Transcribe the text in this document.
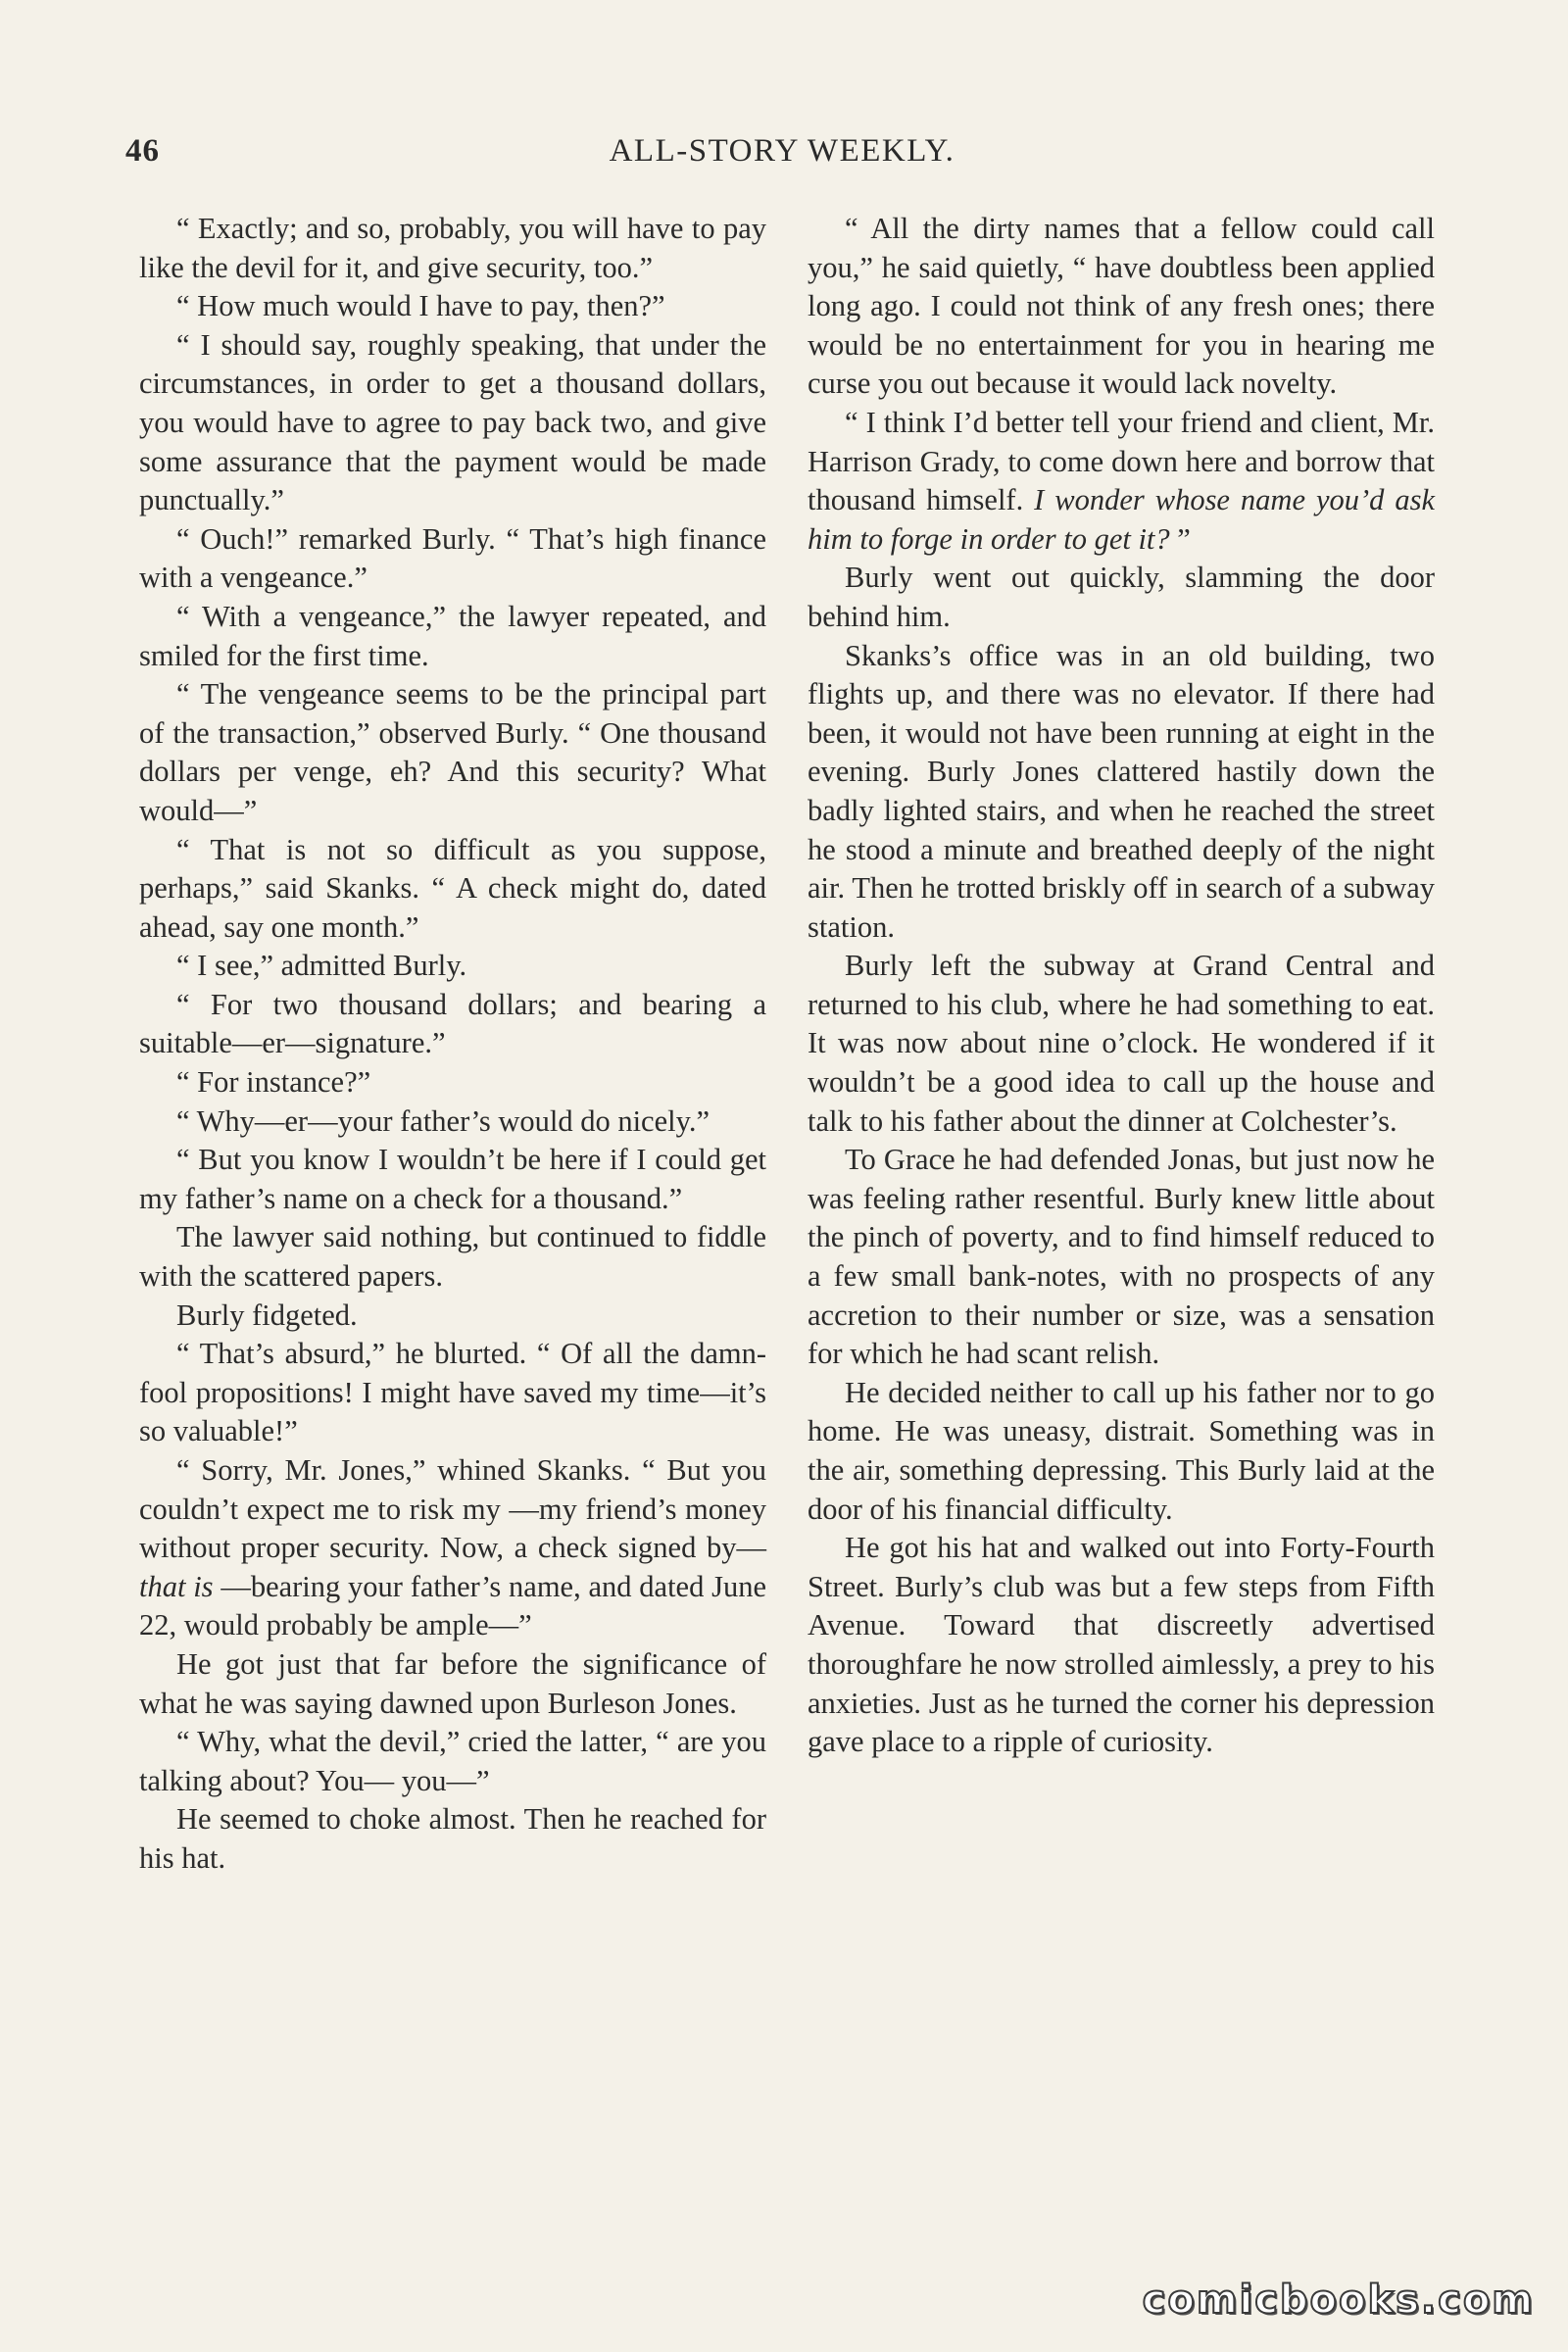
46	ALL-STORY WEEKLY.

“ Exactly; and so, probably, you will have to pay like the devil for it, and give security, too.”

“ How much would I have to pay, then?”

“ I should say, roughly speaking, that under the circumstances, in order to get a thousand dollars, you would have to agree to pay back two, and give some assurance that the payment would be made punctually.”

“ Ouch!” remarked Burly. “ That’s high finance with a vengeance.”

“ With a vengeance,” the lawyer repeated, and smiled for the first time.

“ The vengeance seems to be the principal part of the transaction,” observed Burly. “ One thousand dollars per venge, eh? And this security? What would—”

“ That is not so difficult as you suppose, perhaps,” said Skanks. “ A check might do, dated ahead, say one month.”

“ I see,” admitted Burly.

“ For two thousand dollars; and bearing a suitable—er—signature.”

“ For instance?”

“ Why—er—your father’s would do nicely.”

“ But you know I wouldn’t be here if I could get my father’s name on a check for a thousand.”

The lawyer said nothing, but continued to fiddle with the scattered papers.

Burly fidgeted.

“ That’s absurd,” he blurted. “ Of all the damn-fool propositions! I might have saved my time—it’s so valuable!”

“ Sorry, Mr. Jones,” whined Skanks. “ But you couldn’t expect me to risk my —my friend’s money without proper security. Now, a check signed by—that is —bearing your father’s name, and dated June 22, would probably be ample—”

He got just that far before the significance of what he was saying dawned upon Burleson Jones.

“ Why, what the devil,” cried the latter, “ are you talking about? You— you—”

He seemed to choke almost. Then he reached for his hat.

“ All the dirty names that a fellow could call you,” he said quietly, “ have doubtless been applied long ago. I could not think of any fresh ones; there would be no entertainment for you in hearing me curse you out because it would lack novelty.

“ I think I’d better tell your friend and client, Mr. Harrison Grady, to come down here and borrow that thousand himself. I wonder whose name you’d ask him to forge in order to get it? ”

Burly went out quickly, slamming the door behind him.

Skanks’s office was in an old building, two flights up, and there was no elevator. If there had been, it would not have been running at eight in the evening. Burly Jones clattered hastily down the badly lighted stairs, and when he reached the street he stood a minute and breathed deeply of the night air. Then he trotted briskly off in search of a subway station.

Burly left the subway at Grand Central and returned to his club, where he had something to eat. It was now about nine o’clock. He wondered if it wouldn’t be a good idea to call up the house and talk to his father about the dinner at Colchester’s.

To Grace he had defended Jonas, but just now he was feeling rather resentful. Burly knew little about the pinch of poverty, and to find himself reduced to a few small bank-notes, with no prospects of any accretion to their number or size, was a sensation for which he had scant relish.

He decided neither to call up his father nor to go home. He was uneasy, distrait. Something was in the air, something depressing. This Burly laid at the door of his financial difficulty.

He got his hat and walked out into Forty-Fourth Street. Burly’s club was but a few steps from Fifth Avenue. Toward that discreetly advertised thoroughfare he now strolled aimlessly, a prey to his anxieties. Just as he turned the corner his depression gave place to a ripple of curiosity.

comicbooks.com
